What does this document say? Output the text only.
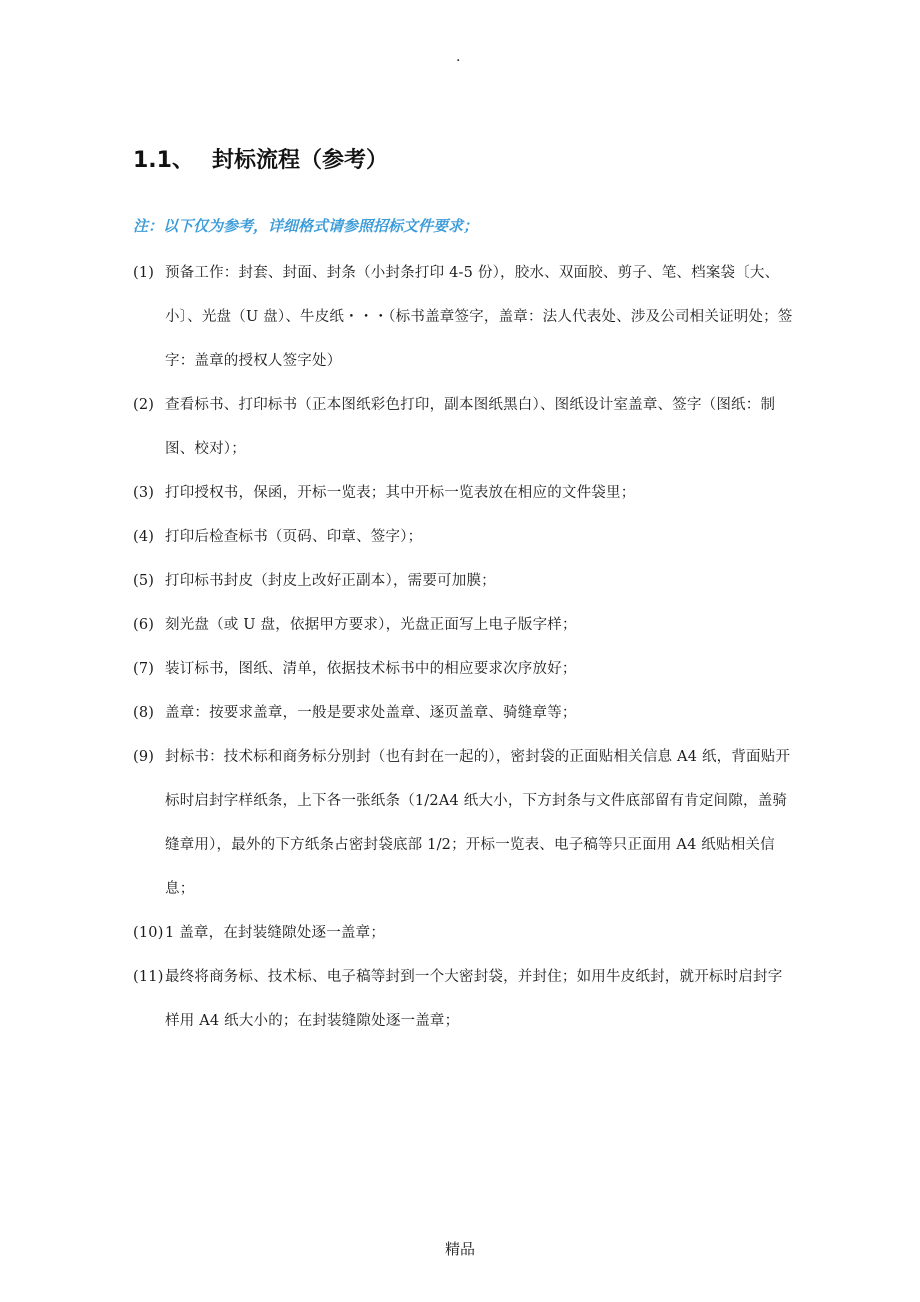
.
1.1、 封标流程（参考）
注：以下仅为参考，详细格式请参照招标文件要求；
(1) 预备工作：封套、封面、封条（小封条打印 4-5 份），胶水、双面胶、剪子、笔、档案袋〔大、小〕、光盘（U 盘）、牛皮纸・・・（标书盖章签字，盖章：法人代表处、涉及公司相关证明处；签字：盖章的授权人签字处）
(2) 查看标书、打印标书（正本图纸彩色打印，副本图纸黑白）、图纸设计室盖章、签字（图纸：制图、校对）；
(3) 打印授权书，保函，开标一览表；其中开标一览表放在相应的文件袋里；
(4) 打印后检查标书（页码、印章、签字）；
(5) 打印标书封皮（封皮上改好正副本），需要可加膜；
(6) 刻光盘（或 U 盘，依据甲方要求），光盘正面写上电子版字样；
(7) 装订标书，图纸、清单，依据技术标书中的相应要求次序放好；
(8) 盖章：按要求盖章，一般是要求处盖章、逐页盖章、骑缝章等；
(9) 封标书：技术标和商务标分别封（也有封在一起的），密封袋的正面贴相关信息 A4 纸，背面贴开标时启封字样纸条，上下各一张纸条（1/2A4 纸大小，下方封条与文件底部留有肯定间隙，盖骑缝章用），最外的下方纸条占密封袋底部 1/2；开标一览表、电子稿等只正面用 A4 纸贴相关信息；
(10) 1 盖章，在封装缝隙处逐一盖章；
(11) 最终将商务标、技术标、电子稿等封到一个大密封袋，并封住；如用牛皮纸封，就开标时启封字样用 A4 纸大小的；在封装缝隙处逐一盖章；
精品
